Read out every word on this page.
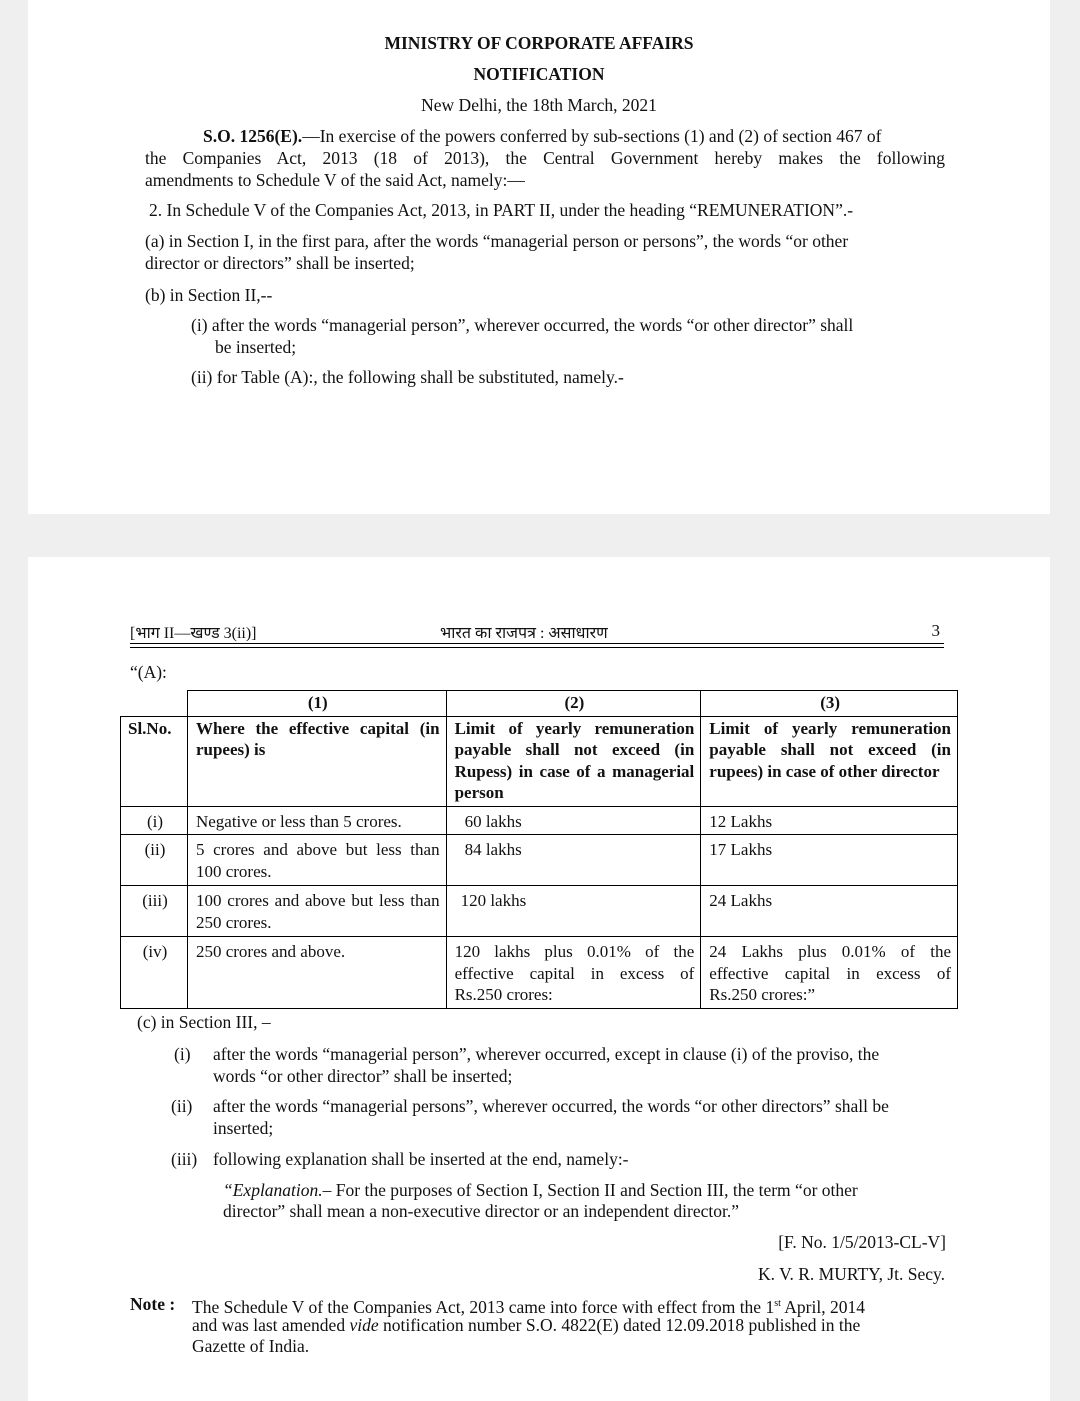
MINISTRY OF CORPORATE AFFAIRS
NOTIFICATION
New Delhi, the 18th March, 2021
S.O. 1256(E).—In exercise of the powers conferred by sub-sections (1) and (2) of section 467 of
the Companies Act, 2013 (18 of 2013), the Central Government hereby makes the following
amendments to Schedule V of the said Act, namely:—
2. In Schedule V of the Companies Act, 2013, in PART II, under the heading “REMUNERATION”.-
(a) in Section I, in the first para, after the words “managerial person or persons”, the words “or other
director or directors” shall be inserted;
(b) in Section II,--
(i) after the words “managerial person”, wherever occurred, the words “or other director” shall
be inserted;
(ii) for Table (A):, the following shall be substituted, namely.-
[भाग II—खण्ड 3(ii)]	भारत का राजपत्र : असाधारण	3
“(A):
	(1)	(2)	(3)
Sl.No.	Where the effective capital (in rupees) is	Limit of yearly remuneration payable shall not exceed (in Rupess) in case of a managerial person	Limit of yearly remuneration payable shall not exceed (in rupees) in case of other director
(i)	Negative or less than 5 crores.	60 lakhs	12 Lakhs
(ii)	5 crores and above but less than 100 crores.	84 lakhs	17 Lakhs
(iii)	100 crores and above but less than 250 crores.	120 lakhs	24 Lakhs
(iv)	250 crores and above.	120 lakhs plus 0.01% of the effective capital in excess of Rs.250 crores:	24 Lakhs plus 0.01% of the effective capital in excess of Rs.250 crores:”
(c) in Section III, –
(i) after the words “managerial person”, wherever occurred, except in clause (i) of the proviso, the
words “or other director” shall be inserted;
(ii) after the words “managerial persons”, wherever occurred, the words “or other directors” shall be
inserted;
(iii) following explanation shall be inserted at the end, namely:-
“Explanation.– For the purposes of Section I, Section II and Section III, the term “or other
director” shall mean a non-executive director or an independent director.”
[F. No. 1/5/2013-CL-V]
K. V. R. MURTY, Jt. Secy.
Note : The Schedule V of the Companies Act, 2013 came into force with effect from the 1st April, 2014
and was last amended vide notification number S.O. 4822(E) dated 12.09.2018 published in the
Gazette of India.
